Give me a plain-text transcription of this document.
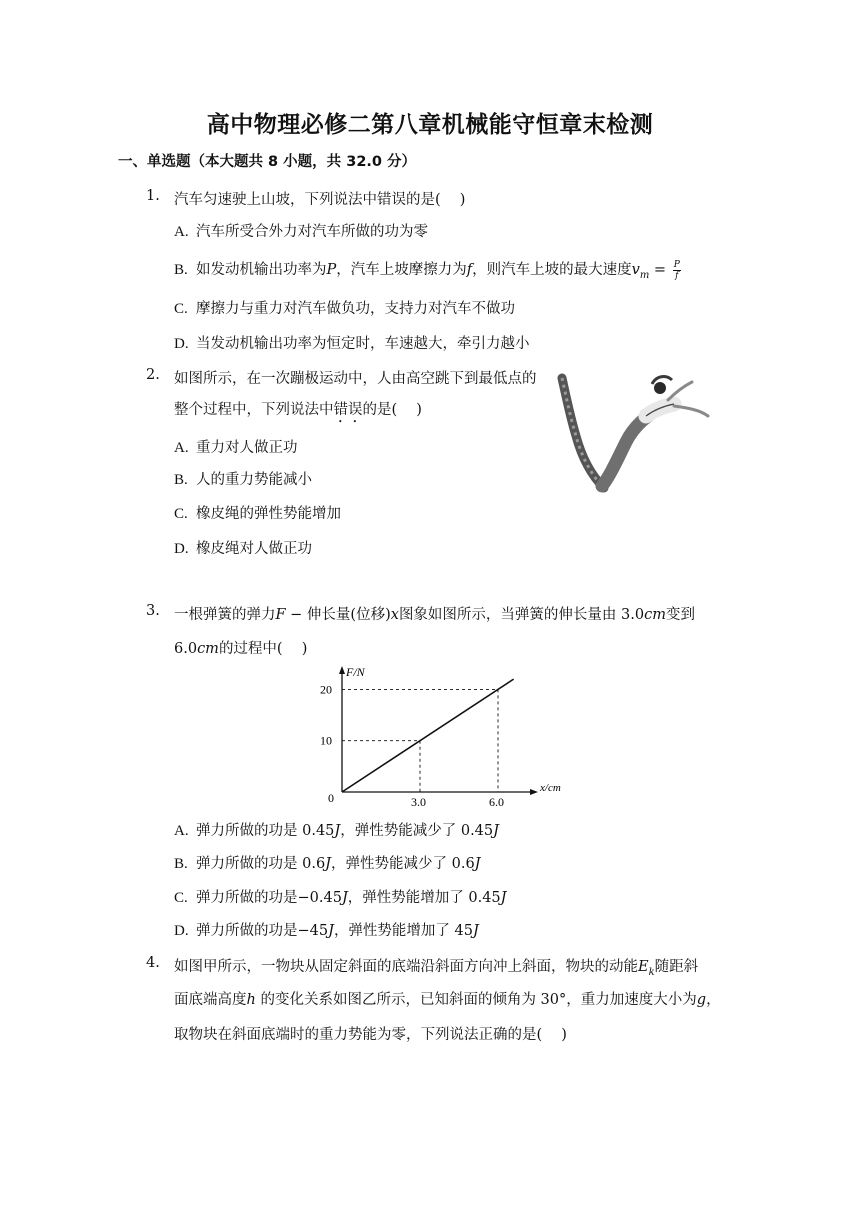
高中物理必修二第八章机械能守恒章末检测
一、单选题（本大题共 8 小题，共 32.0 分）
1. 汽车匀速驶上山坡，下列说法中错误的是(　 )
A. 汽车所受合外力对汽车所做的功为零
B. 如发动机输出功率为P，汽车上坡摩擦力为f，则汽车上坡的最大速度$v_m = \frac{P}{f}$
C. 摩擦力与重力对汽车做负功，支持力对汽车不做功
D. 当发动机输出功率为恒定时，车速越大，牵引力越小
2. 如图所示，在一次蹦极运动中，人由高空跳下到最低点的
整个过程中，下列说法中错误的是(　 )
A. 重力对人做正功
B. 人的重力势能减小
C. 橡皮绳的弹性势能增加
D. 橡皮绳对人做正功
3. 一根弹簧的弹力F − 伸长量(位移)x图象如图所示，当弹簧的伸长量由 3.0cm变到
6.0cm的过程中(　 )
F/N
x/cm
0	3.0	6.0
10
20
A. 弹力所做的功是 0.45J，弹性势能减少了 0.45J
B. 弹力所做的功是 0.6J，弹性势能减少了 0.6J
C. 弹力所做的功是−0.45J，弹性势能增加了 0.45J
D. 弹力所做的功是−45J，弹性势能增加了 45J
4. 如图甲所示，一物块从固定斜面的底端沿斜面方向冲上斜面，物块的动能$E_k$随距斜
面底端高度h 的变化关系如图乙所示，已知斜面的倾角为 30°，重力加速度大小为g，
取物块在斜面底端时的重力势能为零，下列说法正确的是(　 )
